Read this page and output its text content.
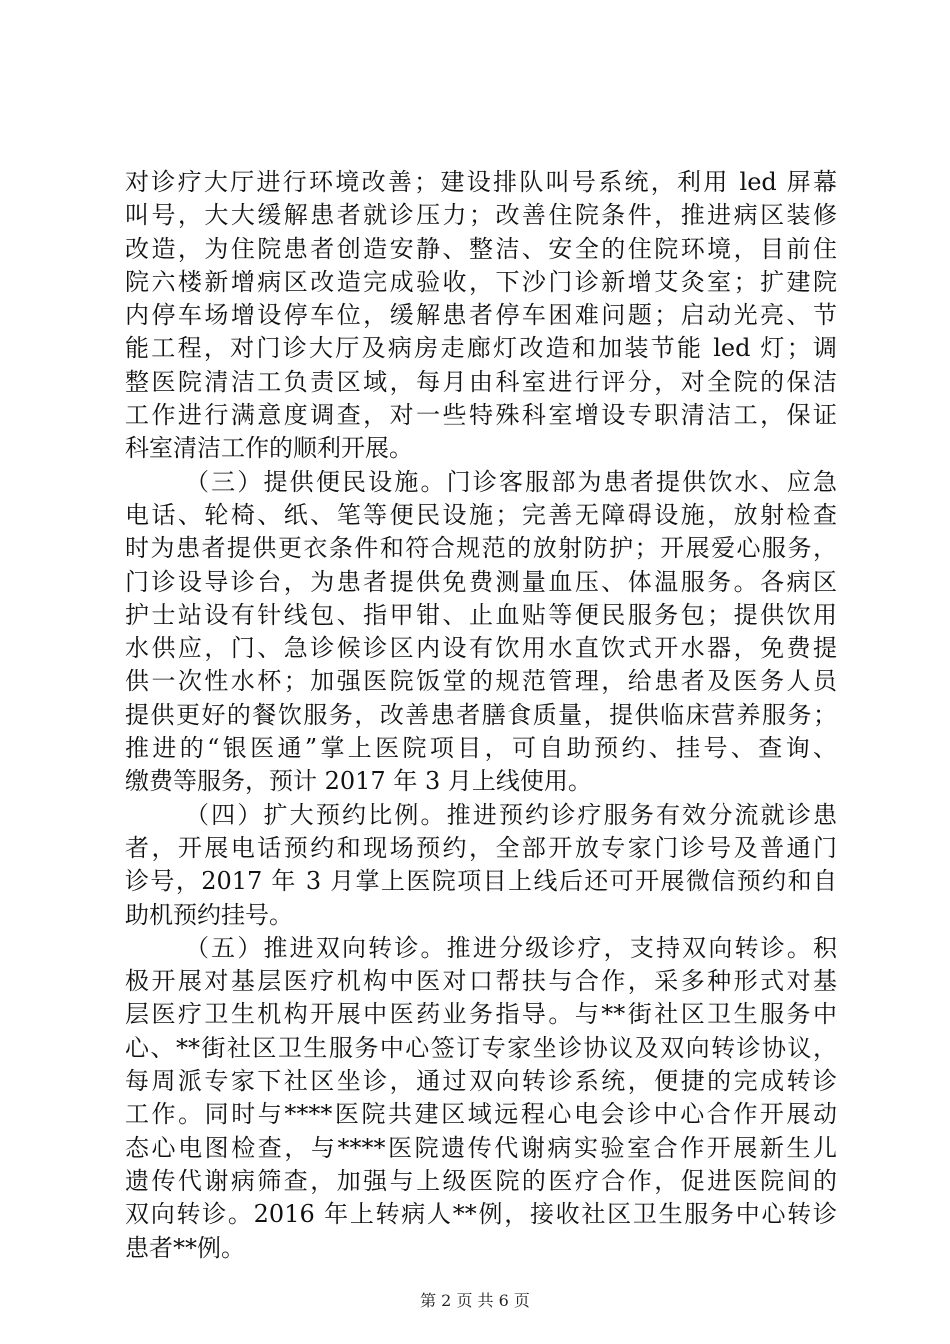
对诊疗大厅进行环境改善；建设排队叫号系统，利用 led 屏幕
叫号，大大缓解患者就诊压力；改善住院条件，推进病区装修
改造，为住院患者创造安静、整洁、安全的住院环境，目前住
院六楼新增病区改造完成验收，下沙门诊新增艾灸室；扩建院
内停车场增设停车位，缓解患者停车困难问题；启动光亮、节
能工程，对门诊大厅及病房走廊灯改造和加装节能 led 灯；调
整医院清洁工负责区域，每月由科室进行评分，对全院的保洁
工作进行满意度调查，对一些特殊科室增设专职清洁工，保证
科室清洁工作的顺利开展。
（三）提供便民设施。门诊客服部为患者提供饮水、应急
电话、轮椅、纸、笔等便民设施；完善无障碍设施，放射检查
时为患者提供更衣条件和符合规范的放射防护；开展爱心服务，
门诊设导诊台，为患者提供免费测量血压、体温服务。各病区
护士站设有针线包、指甲钳、止血贴等便民服务包；提供饮用
水供应，门、急诊候诊区内设有饮用水直饮式开水器，免费提
供一次性水杯；加强医院饭堂的规范管理，给患者及医务人员
提供更好的餐饮服务，改善患者膳食质量，提供临床营养服务；
推进的“银医通”掌上医院项目，可自助预约、挂号、查询、
缴费等服务，预计 2017 年 3 月上线使用。
（四）扩大预约比例。推进预约诊疗服务有效分流就诊患
者，开展电话预约和现场预约，全部开放专家门诊号及普通门
诊号，2017 年 3 月掌上医院项目上线后还可开展微信预约和自
助机预约挂号。
（五）推进双向转诊。推进分级诊疗，支持双向转诊。积
极开展对基层医疗机构中医对口帮扶与合作，采多种形式对基
层医疗卫生机构开展中医药业务指导。与**街社区卫生服务中
心、**街社区卫生服务中心签订专家坐诊协议及双向转诊协议，
每周派专家下社区坐诊，通过双向转诊系统，便捷的完成转诊
工作。同时与****医院共建区域远程心电会诊中心合作开展动
态心电图检查，与****医院遗传代谢病实验室合作开展新生儿
遗传代谢病筛查，加强与上级医院的医疗合作，促进医院间的
双向转诊。2016 年上转病人**例，接收社区卫生服务中心转诊
患者**例。
第 2 页 共 6 页
